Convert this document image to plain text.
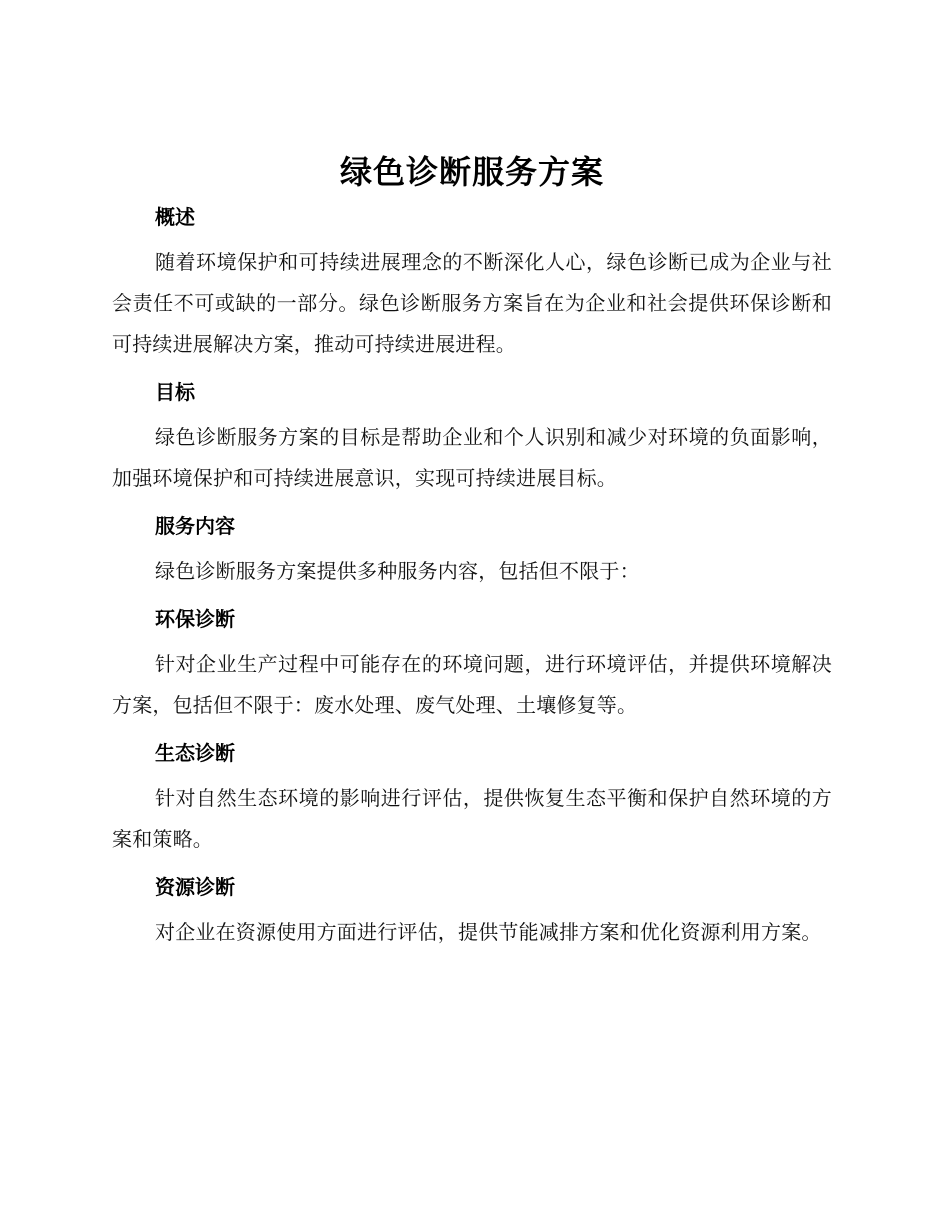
绿色诊断服务方案
概述

随着环境保护和可持续进展理念的不断深化人心，绿色诊断已成为企业与社会责任不可或缺的一部分。绿色诊断服务方案旨在为企业和社会提供环保诊断和可持续进展解决方案，推动可持续进展进程。

目标

绿色诊断服务方案的目标是帮助企业和个人识别和减少对环境的负面影响，加强环境保护和可持续进展意识，实现可持续进展目标。

服务内容

绿色诊断服务方案提供多种服务内容，包括但不限于：

环保诊断

针对企业生产过程中可能存在的环境问题，进行环境评估，并提供环境解决方案，包括但不限于：废水处理、废气处理、土壤修复等。

生态诊断

针对自然生态环境的影响进行评估，提供恢复生态平衡和保护自然环境的方案和策略。

资源诊断

对企业在资源使用方面进行评估，提供节能减排方案和优化资源利用方案。
